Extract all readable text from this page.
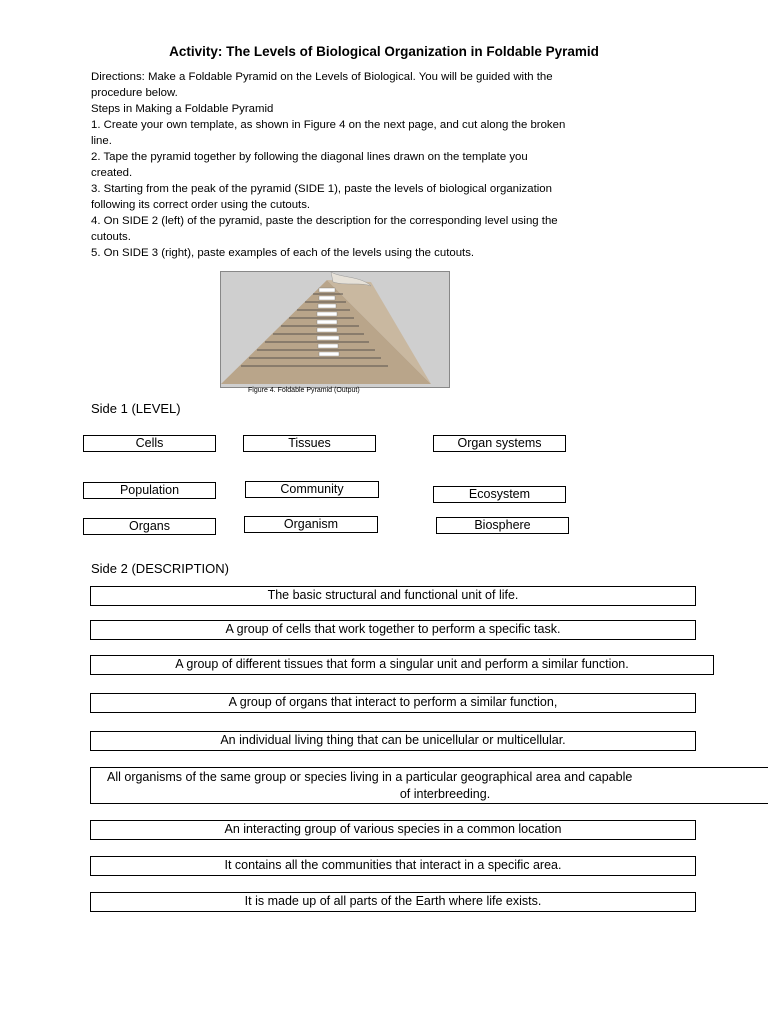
Activity: The Levels of Biological Organization in Foldable Pyramid
Directions: Make a Foldable Pyramid on the Levels of Biological. You will be guided with the
procedure below.
Steps in Making a Foldable Pyramid
1. Create your own template, as shown in Figure 4 on the next page, and cut along the broken
line.
2. Tape the pyramid together by following the diagonal lines drawn on the template you
created.
3. Starting from the peak of the pyramid (SIDE 1), paste the levels of biological organization
following its correct order using the cutouts.
4. On SIDE 2 (left) of the pyramid, paste the description for the corresponding level using the
cutouts.
5. On SIDE 3 (right), paste examples of each of the levels using the cutouts.
Figure 4. Foldable Pyramid (Output)
Side 1 (LEVEL)
Cells	Tissues	Organ systems
Population	Community	Ecosystem
Organs	Organism	Biosphere
Side 2 (DESCRIPTION)
The basic structural and functional unit of life.
A group of cells that work together to perform a specific task.
A group of different tissues that form a singular unit and perform a similar function.
A group of organs that interact to perform a similar function,
An individual living thing that can be unicellular or multicellular.
All organisms of the same group or species living in a particular geographical area and capable
of interbreeding.
An interacting group of various species in a common location
It contains all the communities that interact in a specific area.
It is made up of all parts of the Earth where life exists.
